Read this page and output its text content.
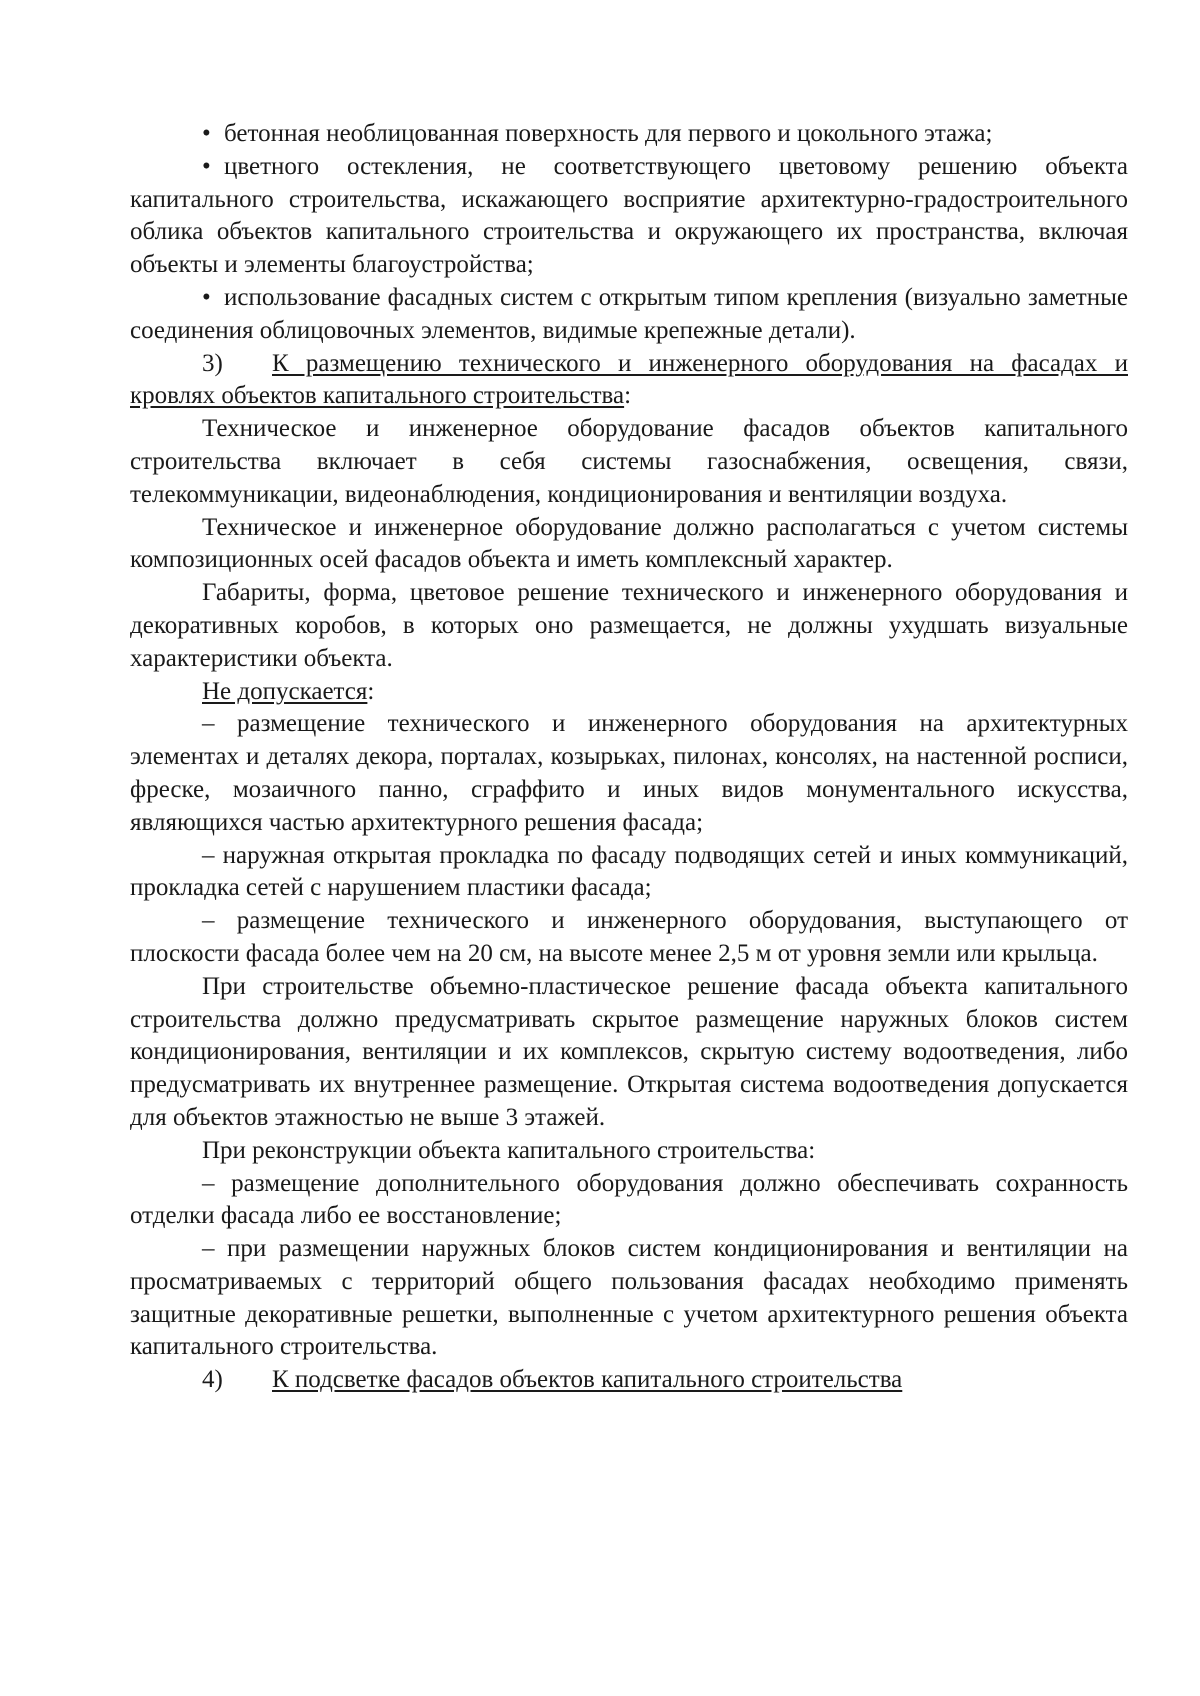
• бетонная необлицованная поверхность для первого и цокольного этажа;

• цветного остекления, не соответствующего цветовому решению объекта капитального строительства, искажающего восприятие архитектурно-градостроительного облика объектов капитального строительства и окружающего их пространства, включая объекты и элементы благоустройства;

• использование фасадных систем с открытым типом крепления (визуально заметные соединения облицовочных элементов, видимые крепежные детали).

3) К размещению технического и инженерного оборудования на фасадах и кровлях объектов капитального строительства:

Техническое и инженерное оборудование фасадов объектов капитального строительства включает в себя системы газоснабжения, освещения, связи, телекоммуникации, видеонаблюдения, кондиционирования и вентиляции воздуха.

Техническое и инженерное оборудование должно располагаться с учетом системы композиционных осей фасадов объекта и иметь комплексный характер.

Габариты, форма, цветовое решение технического и инженерного оборудования и декоративных коробов, в которых оно размещается, не должны ухудшать визуальные характеристики объекта.

Не допускается:

– размещение технического и инженерного оборудования на архитектурных элементах и деталях декора, порталах, козырьках, пилонах, консолях, на настенной росписи, фреске, мозаичного панно, сграффито и иных видов монументального искусства, являющихся частью архитектурного решения фасада;

– наружная открытая прокладка по фасаду подводящих сетей и иных коммуникаций, прокладка сетей с нарушением пластики фасада;

– размещение технического и инженерного оборудования, выступающего от плоскости фасада более чем на 20 см, на высоте менее 2,5 м от уровня земли или крыльца.

При строительстве объемно-пластическое решение фасада объекта капитального строительства должно предусматривать скрытое размещение наружных блоков систем кондиционирования, вентиляции и их комплексов, скрытую систему водоотведения, либо предусматривать их внутреннее размещение. Открытая система водоотведения допускается для объектов этажностью не выше 3 этажей.

При реконструкции объекта капитального строительства:

– размещение дополнительного оборудования должно обеспечивать сохранность отделки фасада либо ее восстановление;

– при размещении наружных блоков систем кондиционирования и вентиляции на просматриваемых с территорий общего пользования фасадах необходимо применять защитные декоративные решетки, выполненные с учетом архитектурного решения объекта капитального строительства.

4)	К подсветке фасадов объектов капитального строительства
